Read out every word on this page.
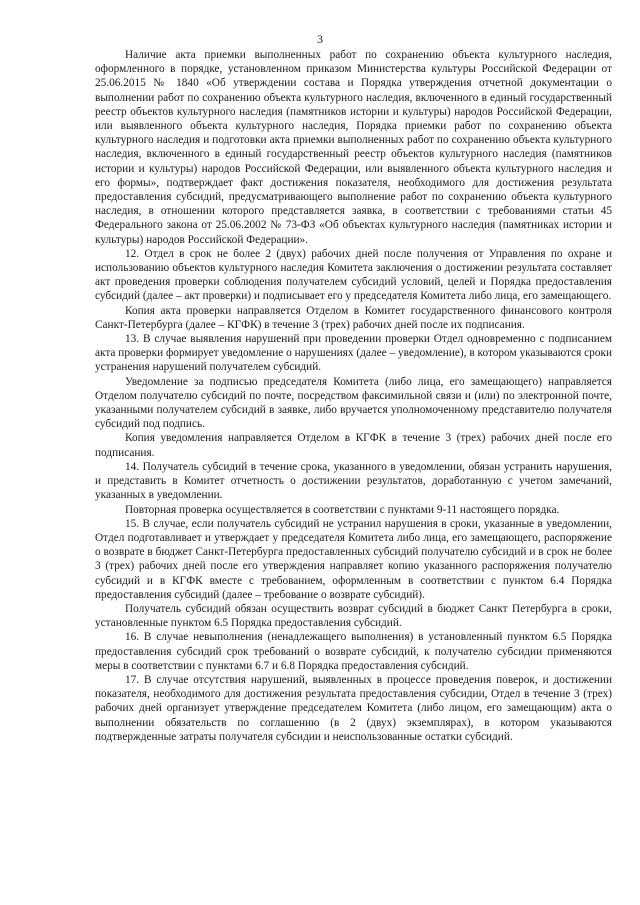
3

Наличие акта приемки выполненных работ по сохранению объекта культурного наследия, оформленного в порядке, установленном приказом Министерства культуры Российской Федерации от 25.06.2015 № 1840 «Об утверждении состава и Порядка утверждения отчетной документации о выполнении работ по сохранению объекта культурного наследия, включенного в единый государственный реестр объектов культурного наследия (памятников истории и культуры) народов Российской Федерации, или выявленного объекта культурного наследия, Порядка приемки работ по сохранению объекта культурного наследия и подготовки акта приемки выполненных работ по сохранению объекта культурного наследия, включенного в единый государственный реестр объектов культурного наследия (памятников истории и культуры) народов Российской Федерации, или выявленного объекта культурного наследия и его формы», подтверждает факт достижения показателя, необходимого для достижения результата предоставления субсидий, предусматривающего выполнение работ по сохранению объекта культурного наследия, в отношении которого представляется заявка, в соответствии с требованиями статьи 45 Федерального закона от 25.06.2002 № 73-ФЗ «Об объектах культурного наследия (памятниках истории и культуры) народов Российской Федерации».

12. Отдел в срок не более 2 (двух) рабочих дней после получения от Управления по охране и использованию объектов культурного наследия Комитета заключения о достижении результата составляет акт проведения проверки соблюдения получателем субсидий условий, целей и Порядка предоставления субсидий (далее – акт проверки) и подписывает его у председателя Комитета либо лица, его замещающего.

Копия акта проверки направляется Отделом в Комитет государственного финансового контроля Санкт-Петербурга (далее – КГФК) в течение 3 (трех) рабочих дней после их подписания.

13. В случае выявления нарушений при проведении проверки Отдел одновременно с подписанием акта проверки формирует уведомление о нарушениях (далее – уведомление), в котором указываются сроки устранения нарушений получателем субсидий.

Уведомление за подписью председателя Комитета (либо лица, его замещающего) направляется Отделом получателю субсидий по почте, посредством факсимильной связи и (или) по электронной почте, указанными получателем субсидий в заявке, либо вручается уполномоченному представителю получателя субсидий под подпись.

Копия уведомления направляется Отделом в КГФК в течение 3 (трех) рабочих дней после его подписания.

14. Получатель субсидий в течение срока, указанного в уведомлении, обязан устранить нарушения, и представить в Комитет отчетность о достижении результатов, доработанную с учетом замечаний, указанных в уведомлении.

Повторная проверка осуществляется в соответствии с пунктами 9-11 настоящего порядка.

15. В случае, если получатель субсидий не устранил нарушения в сроки, указанные в уведомлении, Отдел подготавливает и утверждает у председателя Комитета либо лица, его замещающего, распоряжение о возврате в бюджет Санкт-Петербурга предоставленных субсидий получателю субсидий и в срок не более 3 (трех) рабочих дней после его утверждения направляет копию указанного распоряжения получателю субсидий и в КГФК вместе с требованием, оформленным в соответствии с пунктом 6.4 Порядка предоставления субсидий (далее – требование о возврате субсидий).

Получатель субсидий обязан осуществить возврат субсидий в бюджет Санкт Петербурга в сроки, установленные пунктом 6.5 Порядка предоставления субсидий.

16. В случае невыполнения (ненадлежащего выполнения) в установленный пунктом 6.5 Порядка предоставления субсидий срок требований о возврате субсидий, к получателю субсидии применяются меры в соответствии с пунктами 6.7 и 6.8 Порядка предоставления субсидий.

17. В случае отсутствия нарушений, выявленных в процессе проведения поверок, и достижении показателя, необходимого для достижения результата предоставления субсидии, Отдел в течение 3 (трех) рабочих дней организует утверждение председателем Комитета (либо лицом, его замещающим) акта о выполнении обязательств по соглашению (в 2 (двух) экземплярах), в котором указываются подтвержденные затраты получателя субсидии и неиспользованные остатки субсидий.
